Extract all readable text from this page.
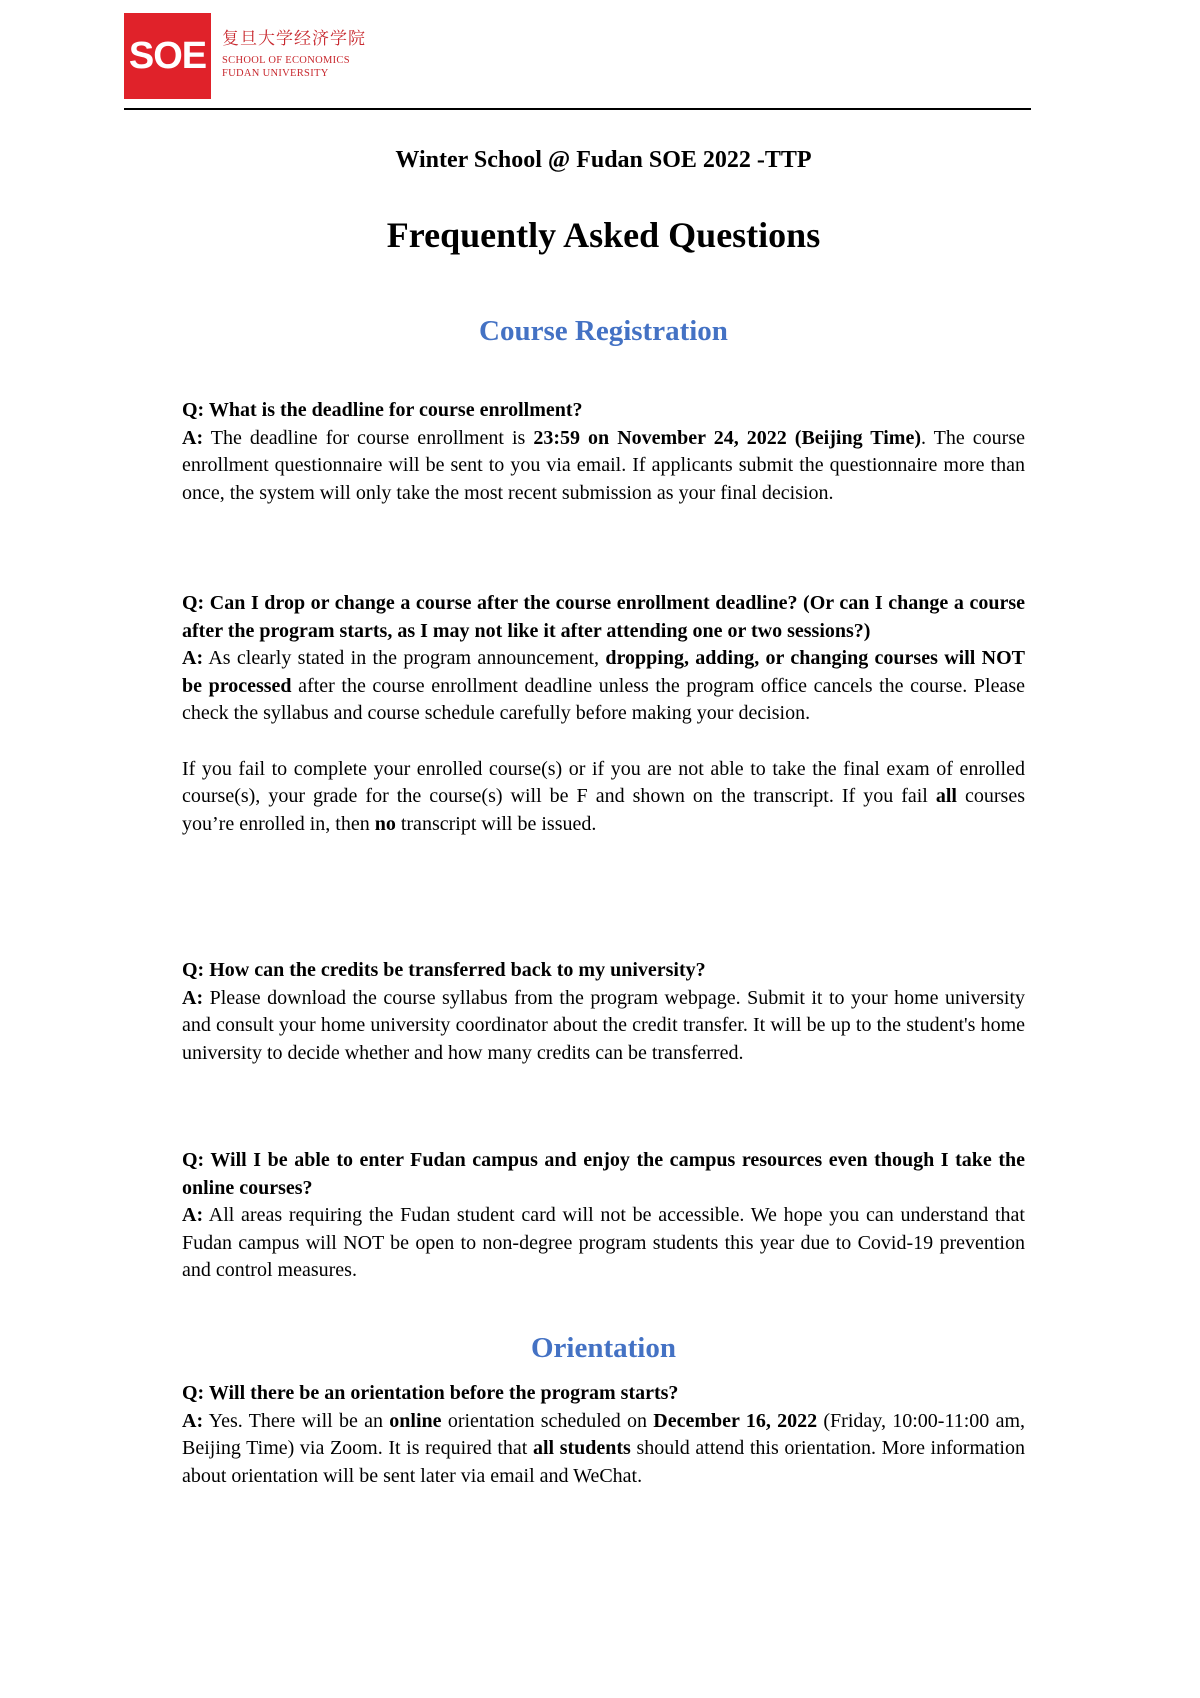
SOE 复旦大学经济学院
SCHOOL OF ECONOMICS
FUDAN UNIVERSITY
Winter School @ Fudan SOE 2022 -TTP
Frequently Asked Questions
Course Registration

Q: What is the deadline for course enrollment?

A: The deadline for course enrollment is 23:59 on November 24, 2022 (Beijing Time). The course enrollment questionnaire will be sent to you via email. If applicants submit the questionnaire more than once, the system will only take the most recent submission as your final decision.

Q: Can I drop or change a course after the course enrollment deadline? (Or can I change a course after the program starts, as I may not like it after attending one or two sessions?)

A: As clearly stated in the program announcement, dropping, adding, or changing courses will NOT be processed after the course enrollment deadline unless the program office cancels the course. Please check the syllabus and course schedule carefully before making your decision.

If you fail to complete your enrolled course(s) or if you are not able to take the final exam of enrolled course(s), your grade for the course(s) will be F and shown on the transcript. If you fail all courses you’re enrolled in, then no transcript will be issued.

Q: How can the credits be transferred back to my university?

A: Please download the course syllabus from the program webpage. Submit it to your home university and consult your home university coordinator about the credit transfer. It will be up to the student's home university to decide whether and how many credits can be transferred.

Q: Will I be able to enter Fudan campus and enjoy the campus resources even though I take the online courses?

A: All areas requiring the Fudan student card will not be accessible. We hope you can understand that Fudan campus will NOT be open to non-degree program students this year due to Covid-19 prevention and control measures.

Orientation

Q: Will there be an orientation before the program starts?

A: Yes. There will be an online orientation scheduled on December 16, 2022 (Friday, 10:00-11:00 am, Beijing Time) via Zoom. It is required that all students should attend this orientation. More information about orientation will be sent later via email and WeChat.
